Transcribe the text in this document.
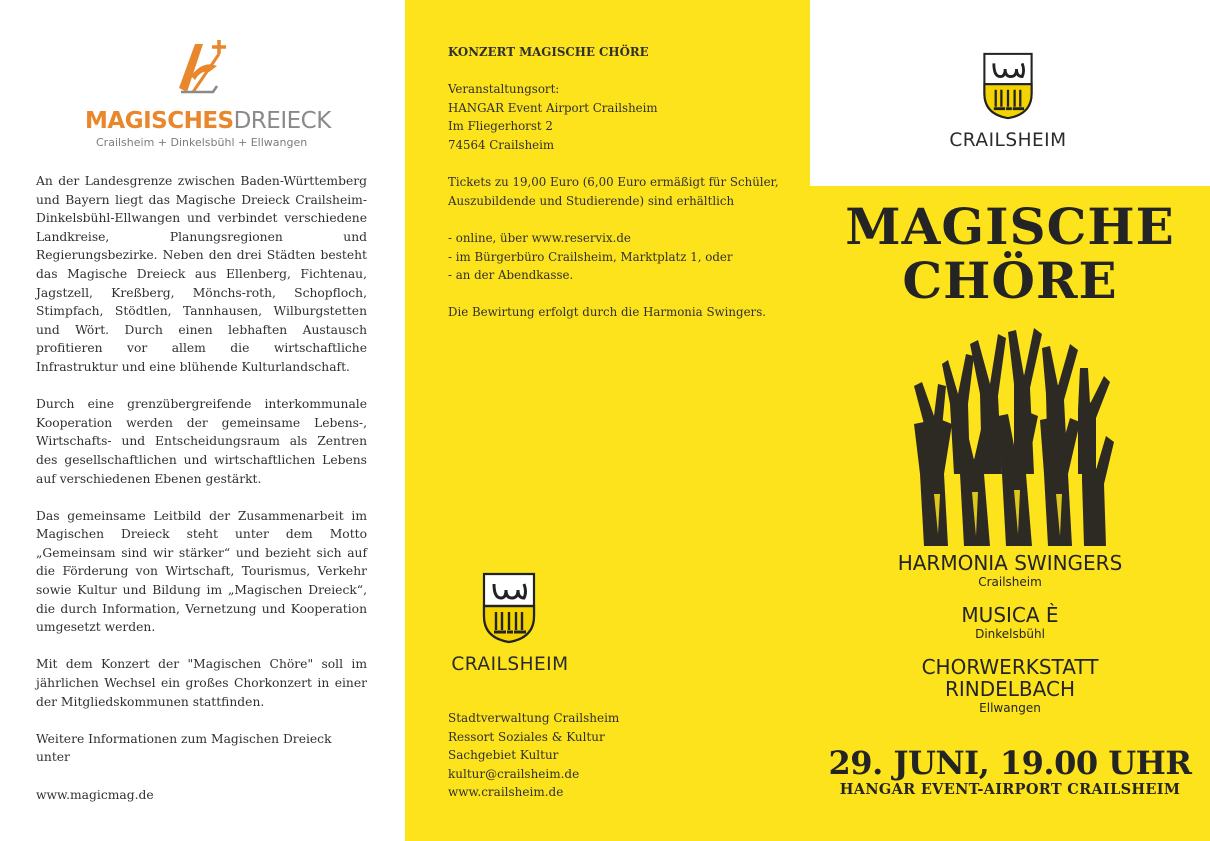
MAGISCHESDREIECK
Crailsheim + Dinkelsbühl + Ellwangen

An der Landesgrenze zwischen Baden-Württemberg und Bayern liegt das Magische Dreieck Crailsheim-Dinkelsbühl-Ellwangen und verbindet verschiedene Landkreise, Planungsregionen und Regierungsbezirke. Neben den drei Städten besteht das Magische Dreieck aus Ellenberg, Fichtenau, Jagstzell, Kreßberg, Mönchs-roth, Schopfloch, Stimpfach, Stödtlen, Tannhausen, Wilburgstetten und Wört. Durch einen lebhaften Austausch profitieren vor allem die wirtschaftliche Infrastruktur und eine blühende Kulturlandschaft.

Durch eine grenzübergreifende interkommunale Kooperation werden der gemeinsame Lebens-, Wirtschafts- und Entscheidungsraum als Zentren des gesellschaftlichen und wirtschaftlichen Lebens auf verschiedenen Ebenen gestärkt.

Das gemeinsame Leitbild der Zusammenarbeit im Magischen Dreieck steht unter dem Motto „Gemeinsam sind wir stärker“ und bezieht sich auf die Förderung von Wirtschaft, Tourismus, Verkehr sowie Kultur und Bildung im „Magischen Dreieck“, die durch Information, Vernetzung und Kooperation umgesetzt werden.

Mit dem Konzert der "Magischen Chöre" soll im jährlichen Wechsel ein großes Chorkonzert in einer der Mitgliedskommunen stattfinden.

Weitere Informationen zum Magischen Dreieck unter

www.magicmag.de

KONZERT MAGISCHE CHÖRE
Veranstaltungsort:
HANGAR Event Airport Crailsheim
Im Fliegerhorst 2
74564 Crailsheim
Tickets zu 19,00 Euro (6,00 Euro ermäßigt für Schüler, Auszubildende und Studierende) sind erhältlich
- online, über www.reservix.de
- im Bürgerbüro Crailsheim, Marktplatz 1, oder
- an der Abendkasse.
Die Bewirtung erfolgt durch die Harmonia Swingers.
CRAILSHEIM
Stadtverwaltung Crailsheim
Ressort Soziales & Kultur
Sachgebiet Kultur
kultur@crailsheim.de
www.crailsheim.de
CRAILSHEIM
MAGISCHE
CHÖRE
HARMONIA SWINGERS
Crailsheim
MUSICA È
Dinkelsbühl
CHORWERKSTATT RINDELBACH
Ellwangen
29. JUNI, 19.00 UHR
HANGAR EVENT-AIRPORT CRAILSHEIM
